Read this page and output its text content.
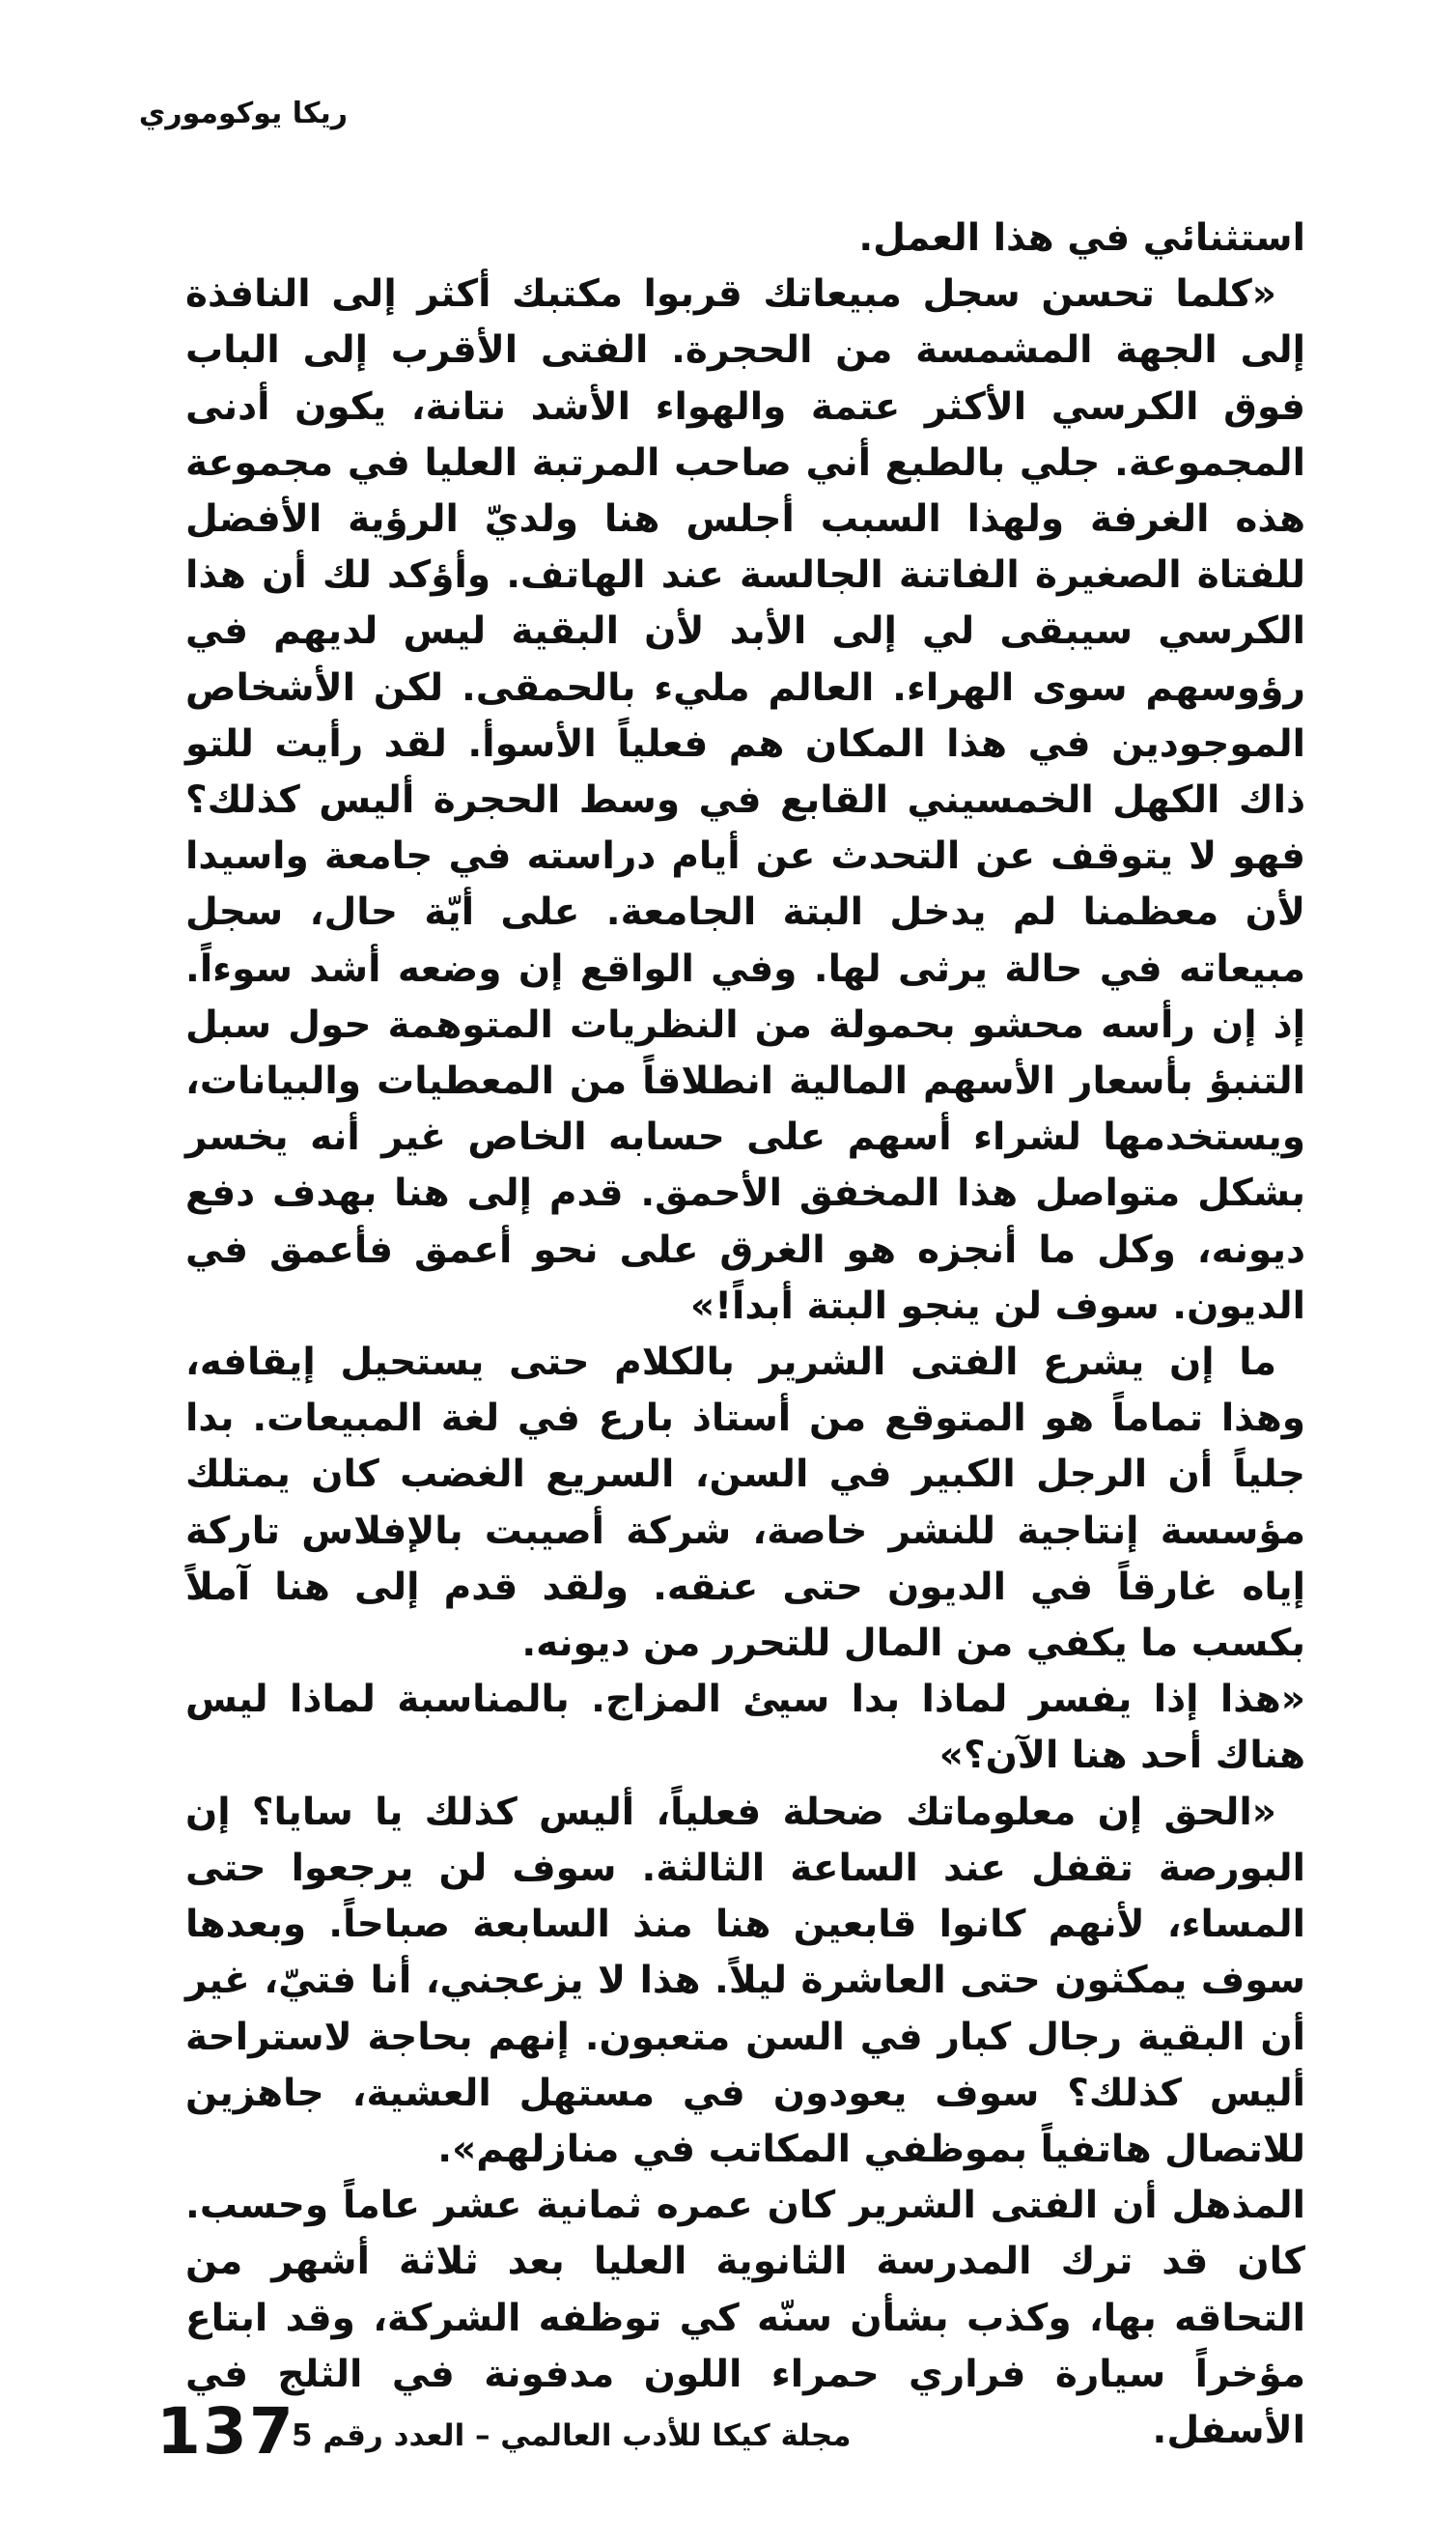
ريكا يوكوموري

استثنائي في هذا العمل.

«كلما تحسن سجل مبيعاتك قربوا مكتبك أكثر إلى النافذة إلى الجهة المشمسة من الحجرة. الفتى الأقرب إلى الباب فوق الكرسي الأكثر عتمة والهواء الأشد نتانة، يكون أدنى المجموعة. جلي بالطبع أني صاحب المرتبة العليا في مجموعة هذه الغرفة ولهذا السبب أجلس هنا ولديّ الرؤية الأفضل للفتاة الصغيرة الفاتنة الجالسة عند الهاتف. وأؤكد لك أن هذا الكرسي سيبقى لي إلى الأبد لأن البقية ليس لديهم في رؤوسهم سوى الهراء. العالم مليء بالحمقى. لكن الأشخاص الموجودين في هذا المكان هم فعلياً الأسوأ. لقد رأيت للتو ذاك الكهل الخمسيني القابع في وسط الحجرة أليس كذلك؟ فهو لا يتوقف عن التحدث عن أيام دراسته في جامعة واسيدا لأن معظمنا لم يدخل البتة الجامعة. على أيّة حال، سجل مبيعاته في حالة يرثى لها. وفي الواقع إن وضعه أشد سوءاً. إذ إن رأسه محشو بحمولة من النظريات المتوهمة حول سبل التنبؤ بأسعار الأسهم المالية انطلاقاً من المعطيات والبيانات، ويستخدمها لشراء أسهم على حسابه الخاص غير أنه يخسر بشكل متواصل هذا المخفق الأحمق. قدم إلى هنا بهدف دفع ديونه، وكل ما أنجزه هو الغرق على نحو أعمق فأعمق في الديون. سوف لن ينجو البتة أبداً!»

ما إن يشرع الفتى الشرير بالكلام حتى يستحيل إيقافه، وهذا تماماً هو المتوقع من أستاذ بارع في لغة المبيعات. بدا جلياً أن الرجل الكبير في السن، السريع الغضب كان يمتلك مؤسسة إنتاجية للنشر خاصة، شركة أصيبت بالإفلاس تاركة إياه غارقاً في الديون حتى عنقه. ولقد قدم إلى هنا آملاً بكسب ما يكفي من المال للتحرر من ديونه.

«هذا إذا يفسر لماذا بدا سيئ المزاج. بالمناسبة لماذا ليس هناك أحد هنا الآن؟»

«الحق إن معلوماتك ضحلة فعلياً، أليس كذلك يا سايا؟ إن البورصة تقفل عند الساعة الثالثة. سوف لن يرجعوا حتى المساء، لأنهم كانوا قابعين هنا منذ السابعة صباحاً. وبعدها سوف يمكثون حتى العاشرة ليلاً. هذا لا يزعجني، أنا فتيّ، غير أن البقية رجال كبار في السن متعبون. إنهم بحاجة لاستراحة أليس كذلك؟ سوف يعودون في مستهل العشية، جاهزين للاتصال هاتفياً بموظفي المكاتب في منازلهم».

المذهل أن الفتى الشرير كان عمره ثمانية عشر عاماً وحسب. كان قد ترك المدرسة الثانوية العليا بعد ثلاثة أشهر من التحاقه بها، وكذب بشأن سنّه كي توظفه الشركة، وقد ابتاع مؤخراً سيارة فراري حمراء اللون مدفونة في الثلج في الأسفل.

137
مجلة كيكا للأدب العالمي – العدد رقم 5
